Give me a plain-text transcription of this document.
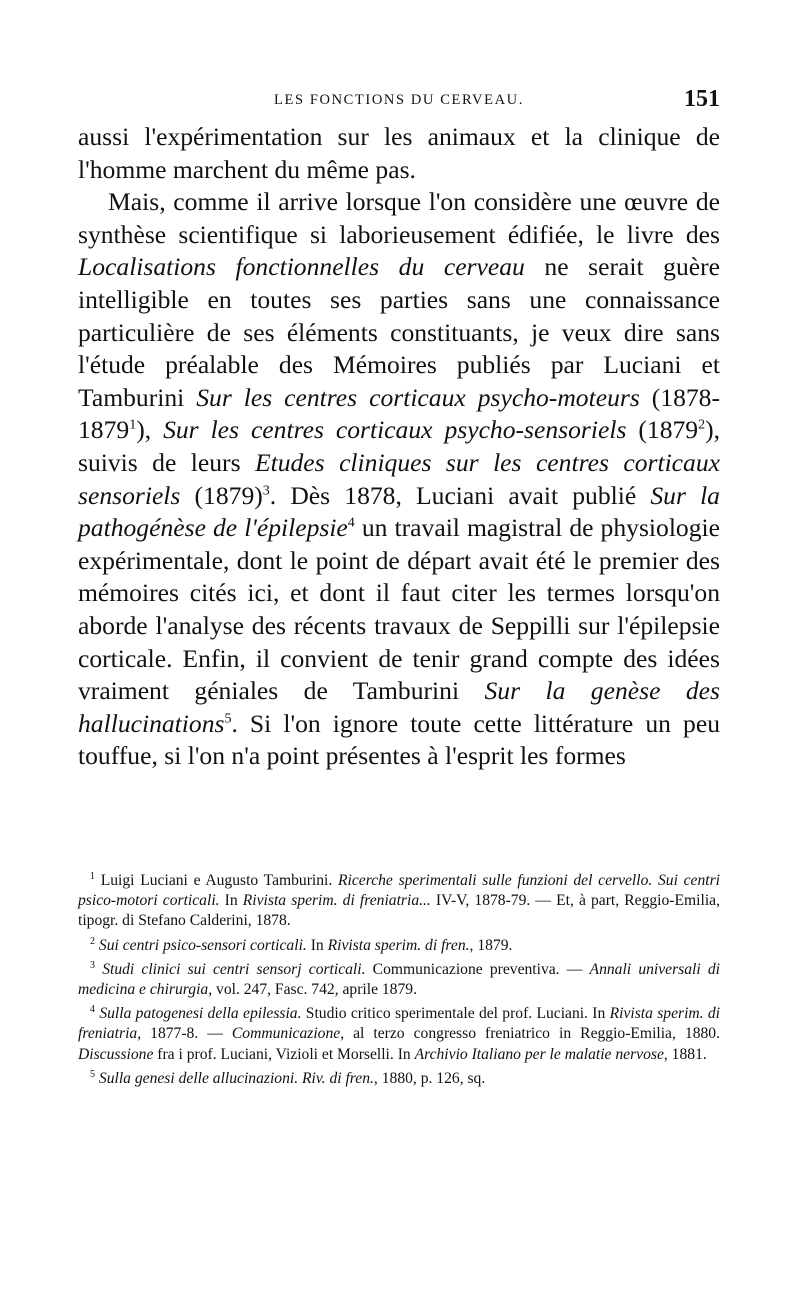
LES FONCTIONS DU CERVEAU.	151

aussi l'expérimentation sur les animaux et la clinique de l'homme marchent du même pas.

Mais, comme il arrive lorsque l'on considère une œuvre de synthèse scientifique si laborieusement édifiée, le livre des Localisations fonctionnelles du cerveau ne serait guère intelligible en toutes ses parties sans une connaissance particulière de ses éléments constituants, je veux dire sans l'étude préalable des Mémoires publiés par Luciani et Tamburini Sur les centres corticaux psycho-moteurs (1878-1879$^1$), Sur les centres corticaux psycho-sensoriels (1879$^2$), suivis de leurs Etudes cliniques sur les centres corticaux sensoriels (1879)$^3$. Dès 1878, Luciani avait publié Sur la pathogénèse de l'épilepsie$^4$ un travail magistral de physiologie expérimentale, dont le point de départ avait été le premier des mémoires cités ici, et dont il faut citer les termes lorsqu'on aborde l'analyse des récents travaux de Seppilli sur l'épilepsie corticale. Enfin, il convient de tenir grand compte des idées vraiment géniales de Tamburini Sur la genèse des hallucinations$^5$. Si l'on ignore toute cette littérature un peu touffue, si l'on n'a point présentes à l'esprit les formes

$^1$ Luigi Luciani e Augusto Tamburini. Ricerche sperimentali sulle funzioni del cervello. Sui centri psico-motori corticali. In Rivista sperim. di freniatria... IV-V, 1878-79. — Et, à part, Reggio-Emilia, tipogr. di Stefano Calderini, 1878.

$^2$ Sui centri psico-sensori corticali. In Rivista sperim. di fren., 1879.

$^3$ Studi clinici sui centri sensorj corticali. Communicazione preventiva. — Annali universali di medicina e chirurgia, vol. 247, Fasc. 742, aprile 1879.

$^4$ Sulla patogenesi della epilessia. Studio critico sperimentale del prof. Luciani. In Rivista sperim. di freniatria, 1877-8. — Communicazione, al terzo congresso freniatrico in Reggio-Emilia, 1880. Discussione fra i prof. Luciani, Vizioli et Morselli. In Archivio Italiano per le malatie nervose, 1881.

$^5$ Sulla genesi delle allucinazioni. Riv. di fren., 1880, p. 126, sq.
